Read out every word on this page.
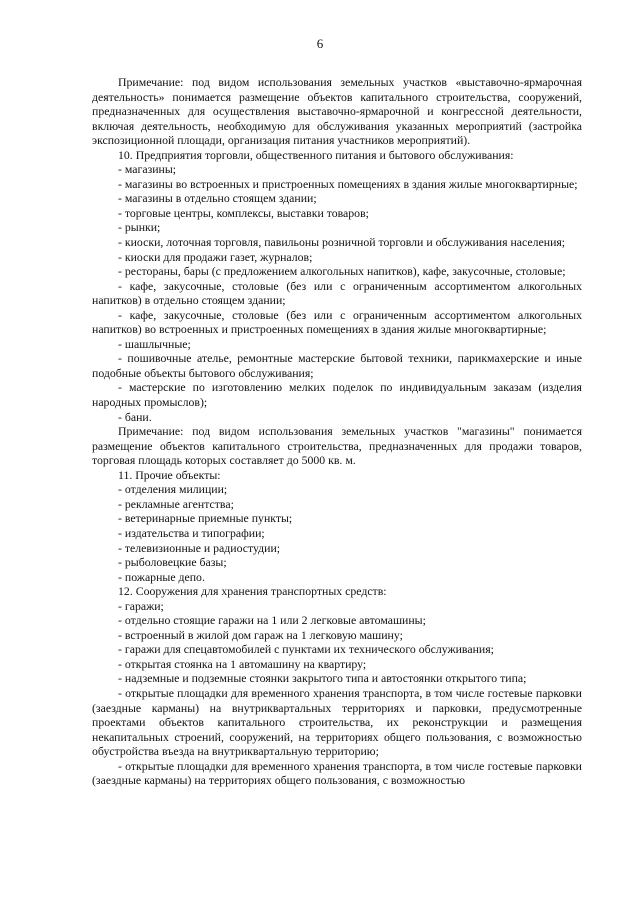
6

Примечание: под видом использования земельных участков «выставочно-ярмарочная деятельность» понимается размещение объектов капитального строительства, сооружений, предназначенных для осуществления выставочно-ярмарочной и конгрессной деятельности, включая деятельность, необходимую для обслуживания указанных мероприятий (застройка экспозиционной площади, организация питания участников мероприятий).

10. Предприятия торговли, общественного питания и бытового обслуживания:

- магазины;

- магазины во встроенных и пристроенных помещениях в здания жилые многоквартирные;

- магазины в отдельно стоящем здании;

- торговые центры, комплексы, выставки товаров;

- рынки;

- киоски, лоточная торговля, павильоны розничной торговли и обслуживания населения;

- киоски для продажи газет, журналов;

- рестораны, бары (с предложением алкогольных напитков), кафе, закусочные, столовые;

- кафе, закусочные, столовые (без или с ограниченным ассортиментом алкогольных напитков) в отдельно стоящем здании;

- кафе, закусочные, столовые (без или с ограниченным ассортиментом алкогольных напитков) во встроенных и пристроенных помещениях в здания жилые многоквартирные;

- шашлычные;

- пошивочные ателье, ремонтные мастерские бытовой техники, парикмахерские и иные подобные объекты бытового обслуживания;

- мастерские по изготовлению мелких поделок по индивидуальным заказам (изделия народных промыслов);

- бани.

Примечание: под видом использования земельных участков "магазины" понимается размещение объектов капитального строительства, предназначенных для продажи товаров, торговая площадь которых составляет до 5000 кв. м.

11. Прочие объекты:

- отделения милиции;

- рекламные агентства;

- ветеринарные приемные пункты;

- издательства и типографии;

- телевизионные и радиостудии;

- рыболовецкие базы;

- пожарные депо.

12. Сооружения для хранения транспортных средств:

- гаражи;

- отдельно стоящие гаражи на 1 или 2 легковые автомашины;

- встроенный в жилой дом гараж на 1 легковую машину;

- гаражи для спецавтомобилей с пунктами их технического обслуживания;

- открытая стоянка на 1 автомашину на квартиру;

- надземные и подземные стоянки закрытого типа и автостоянки открытого типа;

- открытые площадки для временного хранения транспорта, в том числе гостевые парковки (заездные карманы) на внутриквартальных территориях и парковки, предусмотренные проектами объектов капитального строительства, их реконструкции и размещения некапитальных строений, сооружений, на территориях общего пользования, с возможностью обустройства въезда на внутриквартальную территорию;

- открытые площадки для временного хранения транспорта, в том числе гостевые парковки (заездные карманы) на территориях общего пользования, с возможностью
